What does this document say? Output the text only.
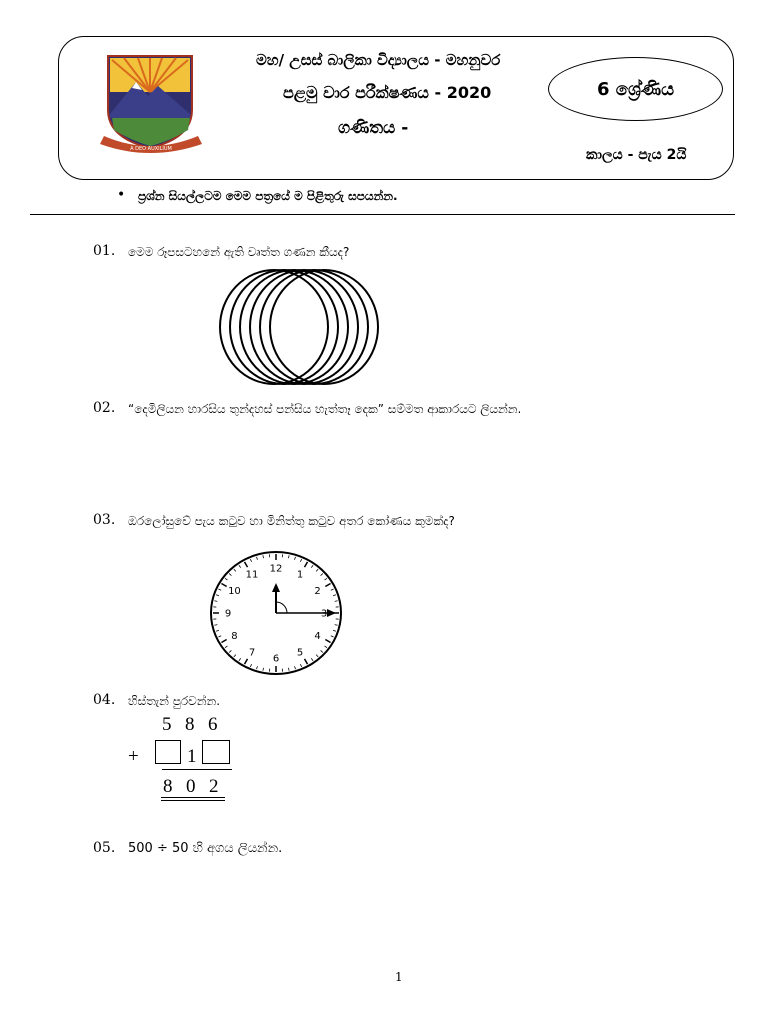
A DEO AUXILIUM
මහ/ උසස් බාලිකා විද්‍යාලය - මහනුවර
පළමු වාර පරීක්ෂණය - 2020
ගණිතය -
6 ශ්‍රේණිය
කාලය - පැය 2යි
• ප්‍රශ්න සියල්ලටම මෙම පත්‍රයේ ම පිළිතුරු සපයන්න.
01. මෙම රූපසටහනේ ඇති වෘත්ත ගණන කීයද?
02. “දෙමිලියන හාරසිය තුන්දහස් පන්සිය හැත්තෑ දෙක” සම්මත ආකාරයට ලියන්න.
03. ඔරලෝසුවේ පැය කටුව හා මිනිත්තු කටුව අතර කෝණය කුමක්ද?
12
1
2
3
4
5
6
7
8
9
10
11
04. හිස්තැන් පුරවන්න.
5 8 6
+	1
8 0 2
05. 500 ÷ 50 හි අගය ලියන්න.
1
